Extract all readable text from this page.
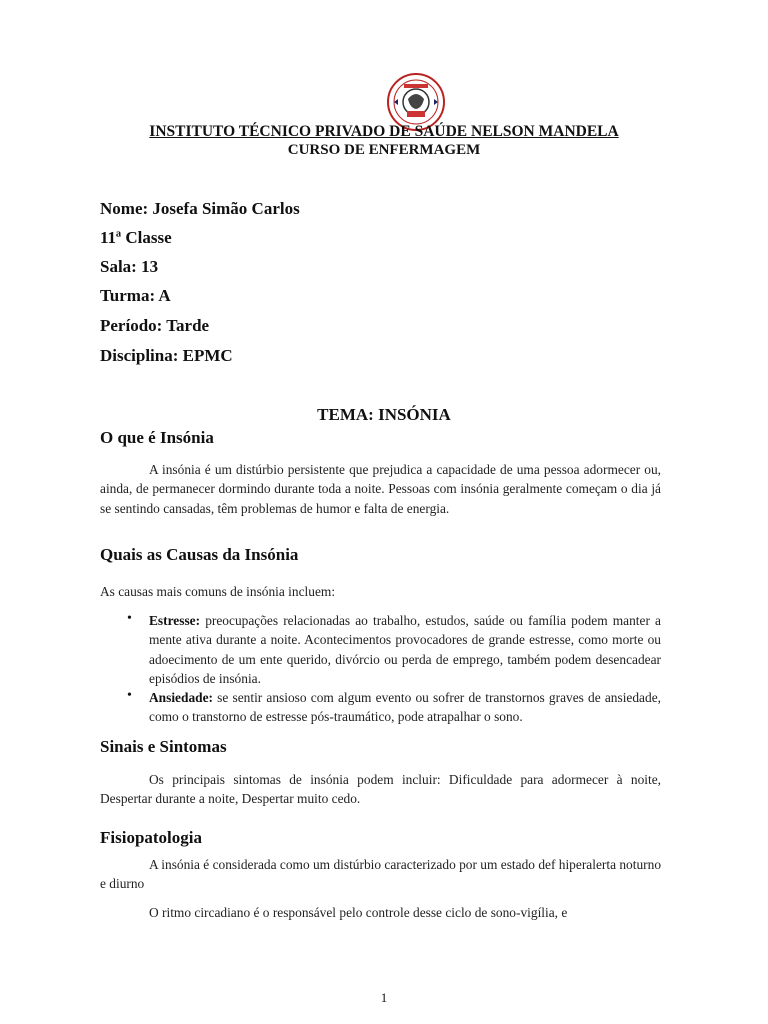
INSTITUTO TÉCNICO PRIVADO DE SAÚDE NELSON MANDELA
CURSO DE ENFERMAGEM
Nome: Josefa Simão Carlos
11ª Classe
Sala: 13
Turma: A
Período: Tarde
Disciplina: EPMC
TEMA: INSÓNIA
O que é Insónia
A insónia é um distúrbio persistente que prejudica a capacidade de uma pessoa adormecer ou, ainda, de permanecer dormindo durante toda a noite. Pessoas com insónia geralmente começam o dia já se sentindo cansadas, têm problemas de humor e falta de energia.
Quais as Causas da Insónia
As causas mais comuns de insónia incluem:
• Estresse: preocupações relacionadas ao trabalho, estudos, saúde ou família podem manter a mente ativa durante a noite. Acontecimentos provocadores de grande estresse, como morte ou adoecimento de um ente querido, divórcio ou perda de emprego, também podem desencadear episódios de insónia.
• Ansiedade: se sentir ansioso com algum evento ou sofrer de transtornos graves de ansiedade, como o transtorno de estresse pós-traumático, pode atrapalhar o sono.
Sinais e Sintomas
Os principais sintomas de insónia podem incluir: Dificuldade para adormecer à noite, Despertar durante a noite, Despertar muito cedo.
Fisiopatologia
A insónia é considerada como um distúrbio caracterizado por um estado def hiperalerta noturno e diurno
O ritmo circadiano é o responsável pelo controle desse ciclo de sono-vigília, e
1
